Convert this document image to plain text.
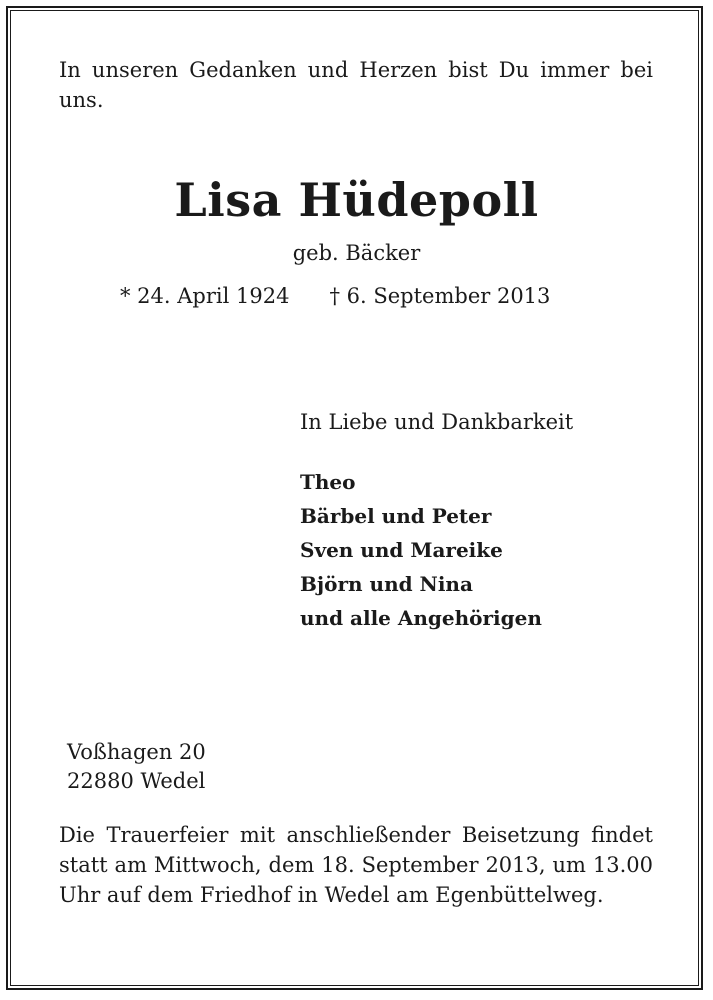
In unseren Gedanken und Herzen bist Du immer bei uns.
Lisa Hüdepoll
geb. Bäcker
* 24. April 1924 † 6. September 2013
In Liebe und Dankbarkeit
Theo
Bärbel und Peter
Sven und Mareike
Björn und Nina
und alle Angehörigen
Voßhagen 20
22880 Wedel
Die Trauerfeier mit anschließender Beisetzung findet statt am Mittwoch, dem 18. September 2013, um 13.00 Uhr auf dem Friedhof in Wedel am Egenbüttelweg.
